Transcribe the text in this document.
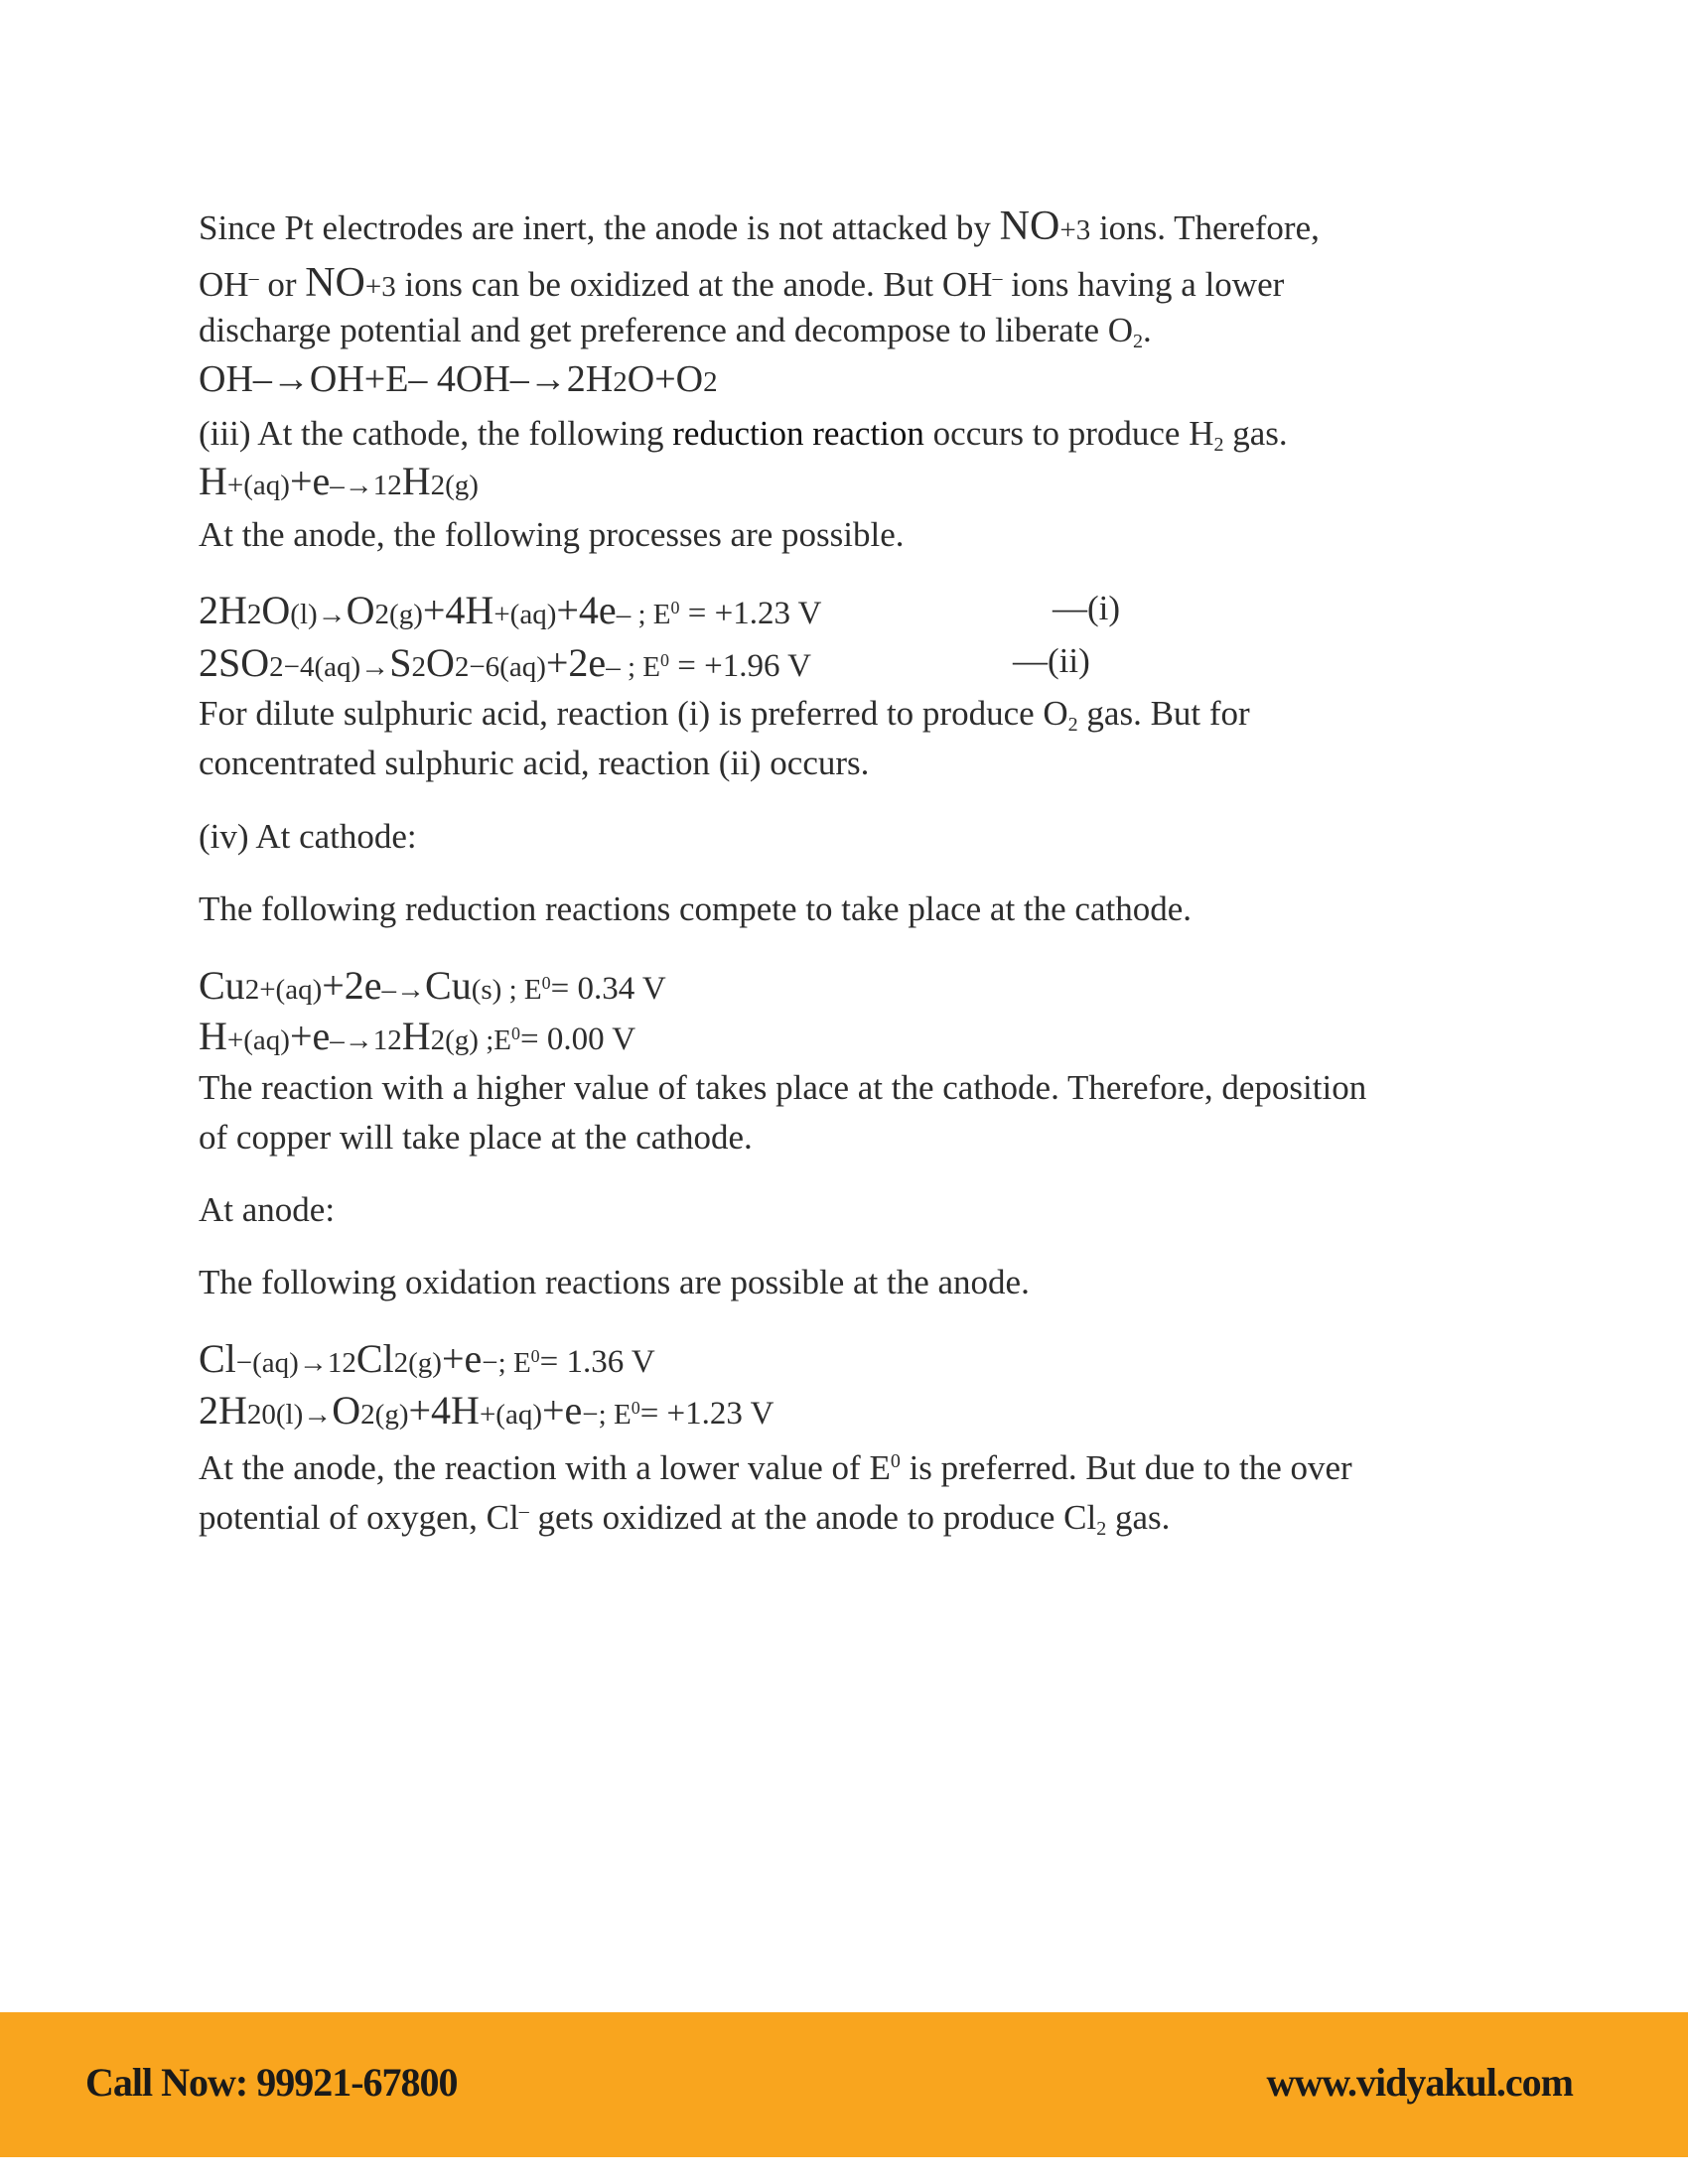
Since Pt electrodes are inert, the anode is not attacked by NO+3 ions. Therefore,
OH– or NO+3 ions can be oxidized at the anode. But OH– ions having a lower
discharge potential and get preference and decompose to liberate $O_2$.
OH–→OH+E– 4OH–→2H2O+O2
(iii) At the cathode, the following reduction reaction occurs to produce $H_2$ gas.
H+(aq)+e–→12H2(g)
At the anode, the following processes are possible.
2H2O(l)→O2(g)+4H+(aq)+4e– ; $E^0 = +1.23$ V	—(i)
2SO2−4(aq)→S2O2−6(aq)+2e– ; $E^0 = +1.96$ V	—(ii)
For dilute sulphuric acid, reaction (i) is preferred to produce $O_2$ gas. But for
concentrated sulphuric acid, reaction (ii) occurs.
(iv) At cathode:
The following reduction reactions compete to take place at the cathode.
Cu2+(aq)+2e–→Cu(s) ; $E^0= 0.34$ V
H+(aq)+e–→12H2(g) $;E^0= 0.00$ V
The reaction with a higher value of takes place at the cathode. Therefore, deposition
of copper will take place at the cathode.
At anode:
The following oxidation reactions are possible at the anode.
Cl−(aq)→12Cl2(g)+e−; $E^0= 1.36$ V
2H20(l)→O2(g)+4H+(aq)+e−; $E^0= +1.23$ V
At the anode, the reaction with a lower value of $E^0$ is preferred. But due to the over
potential of oxygen, Cl– gets oxidized at the anode to produce $Cl_2$ gas.
Call Now: 99921-67800	www.vidyakul.com
